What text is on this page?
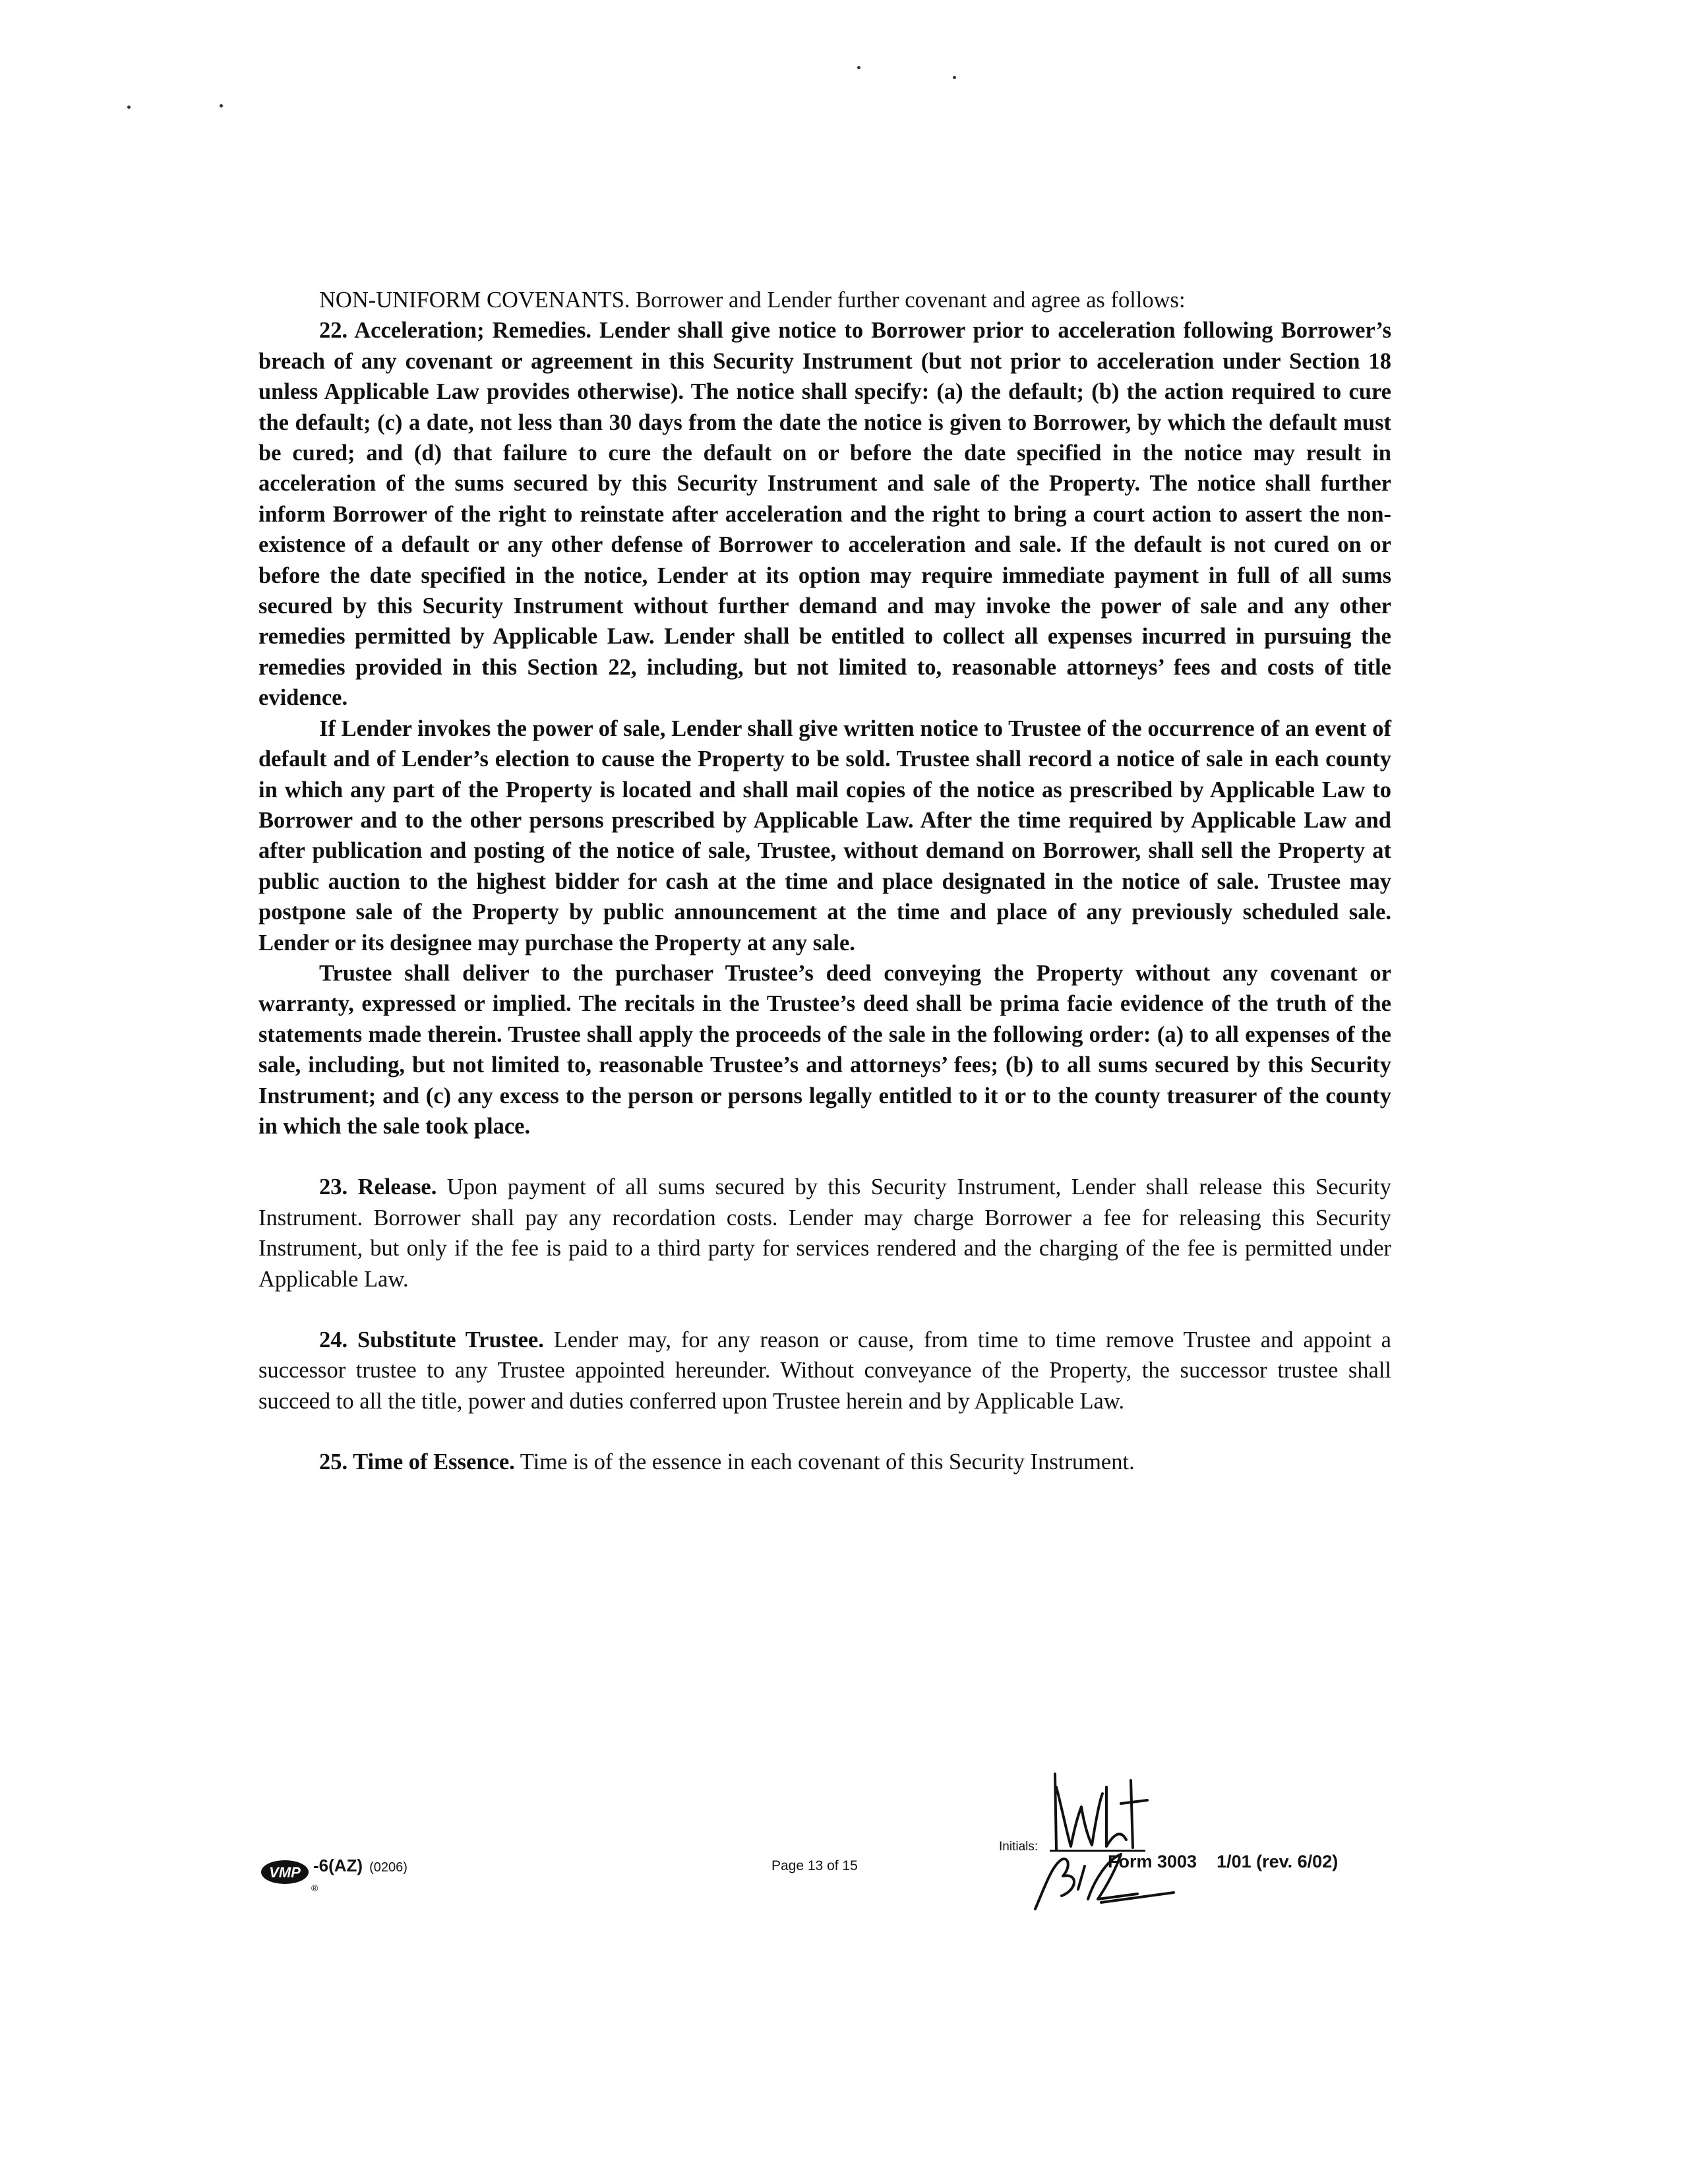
NON-UNIFORM COVENANTS. Borrower and Lender further covenant and agree as follows:

22. Acceleration; Remedies. Lender shall give notice to Borrower prior to acceleration following Borrower’s breach of any covenant or agreement in this Security Instrument (but not prior to acceleration under Section 18 unless Applicable Law provides otherwise). The notice shall specify: (a) the default; (b) the action required to cure the default; (c) a date, not less than 30 days from the date the notice is given to Borrower, by which the default must be cured; and (d) that failure to cure the default on or before the date specified in the notice may result in acceleration of the sums secured by this Security Instrument and sale of the Property. The notice shall further inform Borrower of the right to reinstate after acceleration and the right to bring a court action to assert the non-existence of a default or any other defense of Borrower to acceleration and sale. If the default is not cured on or before the date specified in the notice, Lender at its option may require immediate payment in full of all sums secured by this Security Instrument without further demand and may invoke the power of sale and any other remedies permitted by Applicable Law. Lender shall be entitled to collect all expenses incurred in pursuing the remedies provided in this Section 22, including, but not limited to, reasonable attorneys’ fees and costs of title evidence.

If Lender invokes the power of sale, Lender shall give written notice to Trustee of the occurrence of an event of default and of Lender’s election to cause the Property to be sold. Trustee shall record a notice of sale in each county in which any part of the Property is located and shall mail copies of the notice as prescribed by Applicable Law to Borrower and to the other persons prescribed by Applicable Law. After the time required by Applicable Law and after publication and posting of the notice of sale, Trustee, without demand on Borrower, shall sell the Property at public auction to the highest bidder for cash at the time and place designated in the notice of sale. Trustee may postpone sale of the Property by public announcement at the time and place of any previously scheduled sale. Lender or its designee may purchase the Property at any sale.

Trustee shall deliver to the purchaser Trustee’s deed conveying the Property without any covenant or warranty, expressed or implied. The recitals in the Trustee’s deed shall be prima facie evidence of the truth of the statements made therein. Trustee shall apply the proceeds of the sale in the following order: (a) to all expenses of the sale, including, but not limited to, reasonable Trustee’s and attorneys’ fees; (b) to all sums secured by this Security Instrument; and (c) any excess to the person or persons legally entitled to it or to the county treasurer of the county in which the sale took place.

23. Release. Upon payment of all sums secured by this Security Instrument, Lender shall release this Security Instrument. Borrower shall pay any recordation costs. Lender may charge Borrower a fee for releasing this Security Instrument, but only if the fee is paid to a third party for services rendered and the charging of the fee is permitted under Applicable Law.

24. Substitute Trustee. Lender may, for any reason or cause, from time to time remove Trustee and appoint a successor trustee to any Trustee appointed hereunder. Without conveyance of the Property, the successor trustee shall succeed to all the title, power and duties conferred upon Trustee herein and by Applicable Law.

25. Time of Essence. Time is of the essence in each covenant of this Security Instrument.

VMP
®
-6(AZ) (0206)	Page 13 of 15
Initials:
Form 3003 1/01 (rev. 6/02)
